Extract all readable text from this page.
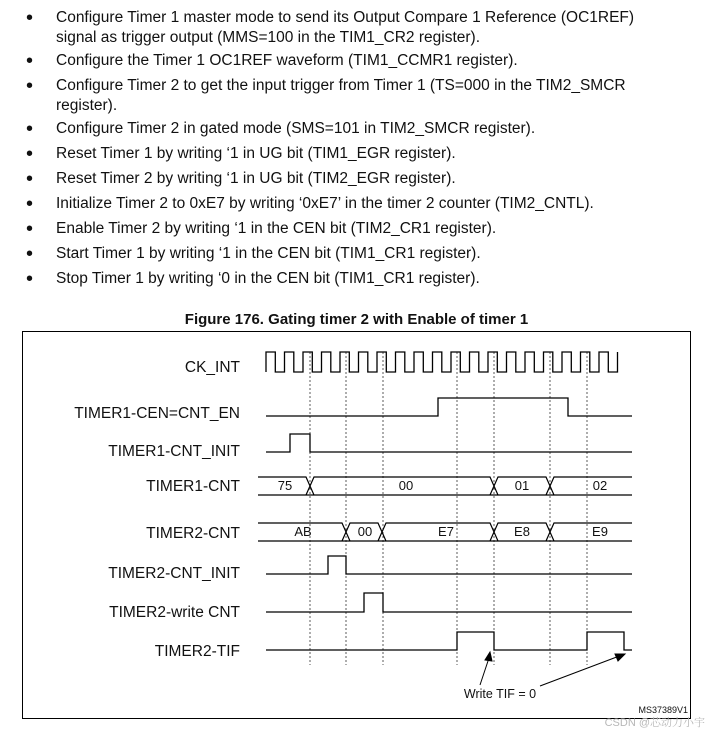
• Configure Timer 1 master mode to send its Output Compare 1 Reference (OC1REF)
signal as trigger output (MMS=100 in the TIM1_CR2 register).
• Configure the Timer 1 OC1REF waveform (TIM1_CCMR1 register).
• Configure Timer 2 to get the input trigger from Timer 1 (TS=000 in the TIM2_SMCR
register).
• Configure Timer 2 in gated mode (SMS=101 in TIM2_SMCR register).
• Reset Timer 1 by writing ‘1 in UG bit (TIM1_EGR register).
• Reset Timer 2 by writing ‘1 in UG bit (TIM2_EGR register).
• Initialize Timer 2 to 0xE7 by writing ‘0xE7’ in the timer 2 counter (TIM2_CNTL).
• Enable Timer 2 by writing ‘1 in the CEN bit (TIM2_CR1 register).
• Start Timer 1 by writing ‘1 in the CEN bit (TIM1_CR1 register).
• Stop Timer 1 by writing ‘0 in the CEN bit (TIM1_CR1 register).
Figure 176. Gating timer 2 with Enable of timer 1
CK_INT
TIMER1-CEN=CNT_EN
TIMER1-CNT_INIT
TIMER1-CNT
TIMER2-CNT
TIMER2-CNT_INIT
TIMER2-write CNT
TIMER2-TIF
75	00	01	02
AB	00	E7	E8	E9
Write TIF = 0
MS37389V1
CSDN @芯动力小宇
